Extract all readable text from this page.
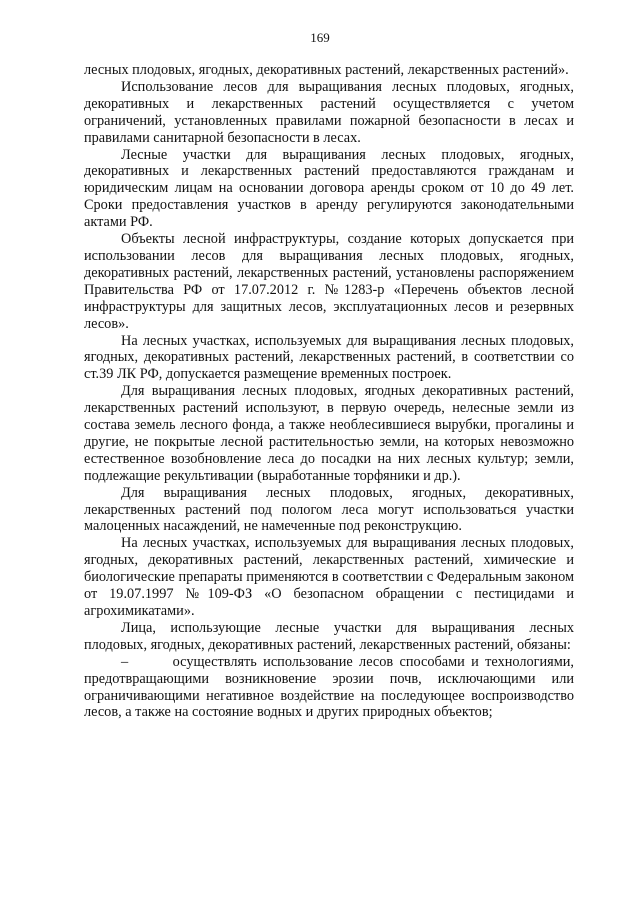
169

лесных плодовых, ягодных, декоративных растений, лекарственных растений».

Использование лесов для выращивания лесных плодовых, ягодных, декоративных и лекарственных растений осуществляется с учетом ограничений, установленных правилами пожарной безопасности в лесах и правилами санитарной безопасности в лесах.

Лесные участки для выращивания лесных плодовых, ягодных, декоративных и лекарственных растений предоставляются гражданам и юридическим лицам на основании договора аренды сроком от 10 до 49 лет. Сроки предоставления участков в аренду регулируются законодательными актами РФ.

Объекты лесной инфраструктуры, создание которых допускается при использовании лесов для выращивания лесных плодовых, ягодных, декоративных растений, лекарственных растений, установлены распоряжением Правительства РФ от 17.07.2012 г. №1283-р «Перечень объектов лесной инфраструктуры для защитных лесов, эксплуатационных лесов и резервных лесов».

На лесных участках, используемых для выращивания лесных плодовых, ягодных, декоративных растений, лекарственных растений, в соответствии со ст.39 ЛК РФ, допускается размещение временных построек.

Для выращивания лесных плодовых, ягодных декоративных растений, лекарственных растений используют, в первую очередь, нелесные земли из состава земель лесного фонда, а также необлесившиеся вырубки, прогалины и другие, не покрытые лесной растительностью земли, на которых невозможно естественное возобновление леса до посадки на них лесных культур; земли, подлежащие рекультивации (выработанные торфяники и др.).

Для выращивания лесных плодовых, ягодных, декоративных, лекарственных растений под пологом леса могут использоваться участки малоценных насаждений, не намеченные под реконструкцию.

На лесных участках, используемых для выращивания лесных плодовых, ягодных, декоративных растений, лекарственных растений, химические и биологические препараты применяются в соответствии с Федеральным законом от 19.07.1997 №109-ФЗ «О безопасном обращении с пестицидами и агрохимикатами».

Лица, использующие лесные участки для выращивания лесных плодовых, ягодных, декоративных растений, лекарственных растений, обязаны:

–	осуществлять использование лесов способами и технологиями, предотвращающими возникновение эрозии почв, исключающими или ограничивающими негативное воздействие на последующее воспроизводство лесов, а также на состояние водных и других природных объектов;
